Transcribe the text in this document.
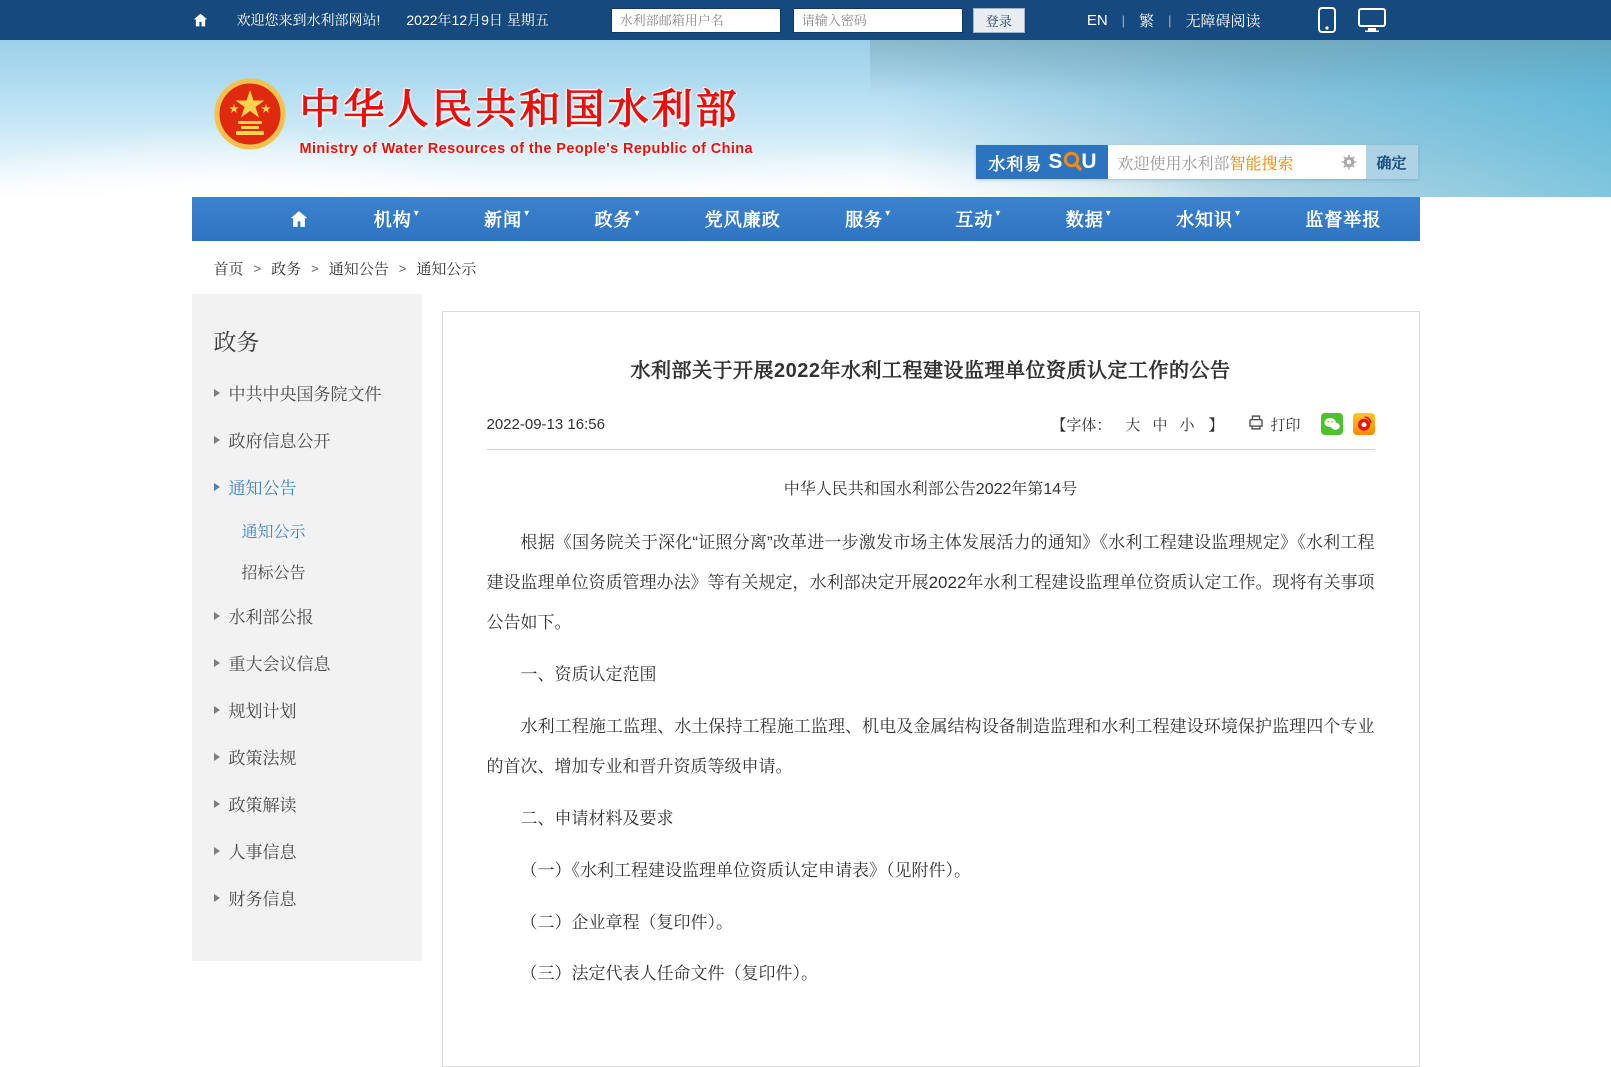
欢迎您来到水利部网站! 2022年12月9日 星期五
水利部邮箱用户名	登录	EN | 繁 | 无障碍阅读
中华人民共和国水利部
Ministry of Water Resources of the People's Republic of China
水利易 S U 欢迎使用水利部 智能搜索	确定
机构 ▾	新闻 ▾	政务 ▾	党风廉政	服务 ▾	互动 ▾	数据 ▾	水知识 ▾	监督举报
首页 > 政务 > 通知公告 > 通知公示
政务
中共中央国务院文件
政府信息公开
通知公告
通知公示
招标公告
水利部公报
重大会议信息
规划计划
政策法规
政策解读
人事信息
财务信息
水利部关于开展2022年水利工程建设监理单位资质认定工作的公告
2022-09-13 16:56	【字体： 大 中 小 】	打印

中华人民共和国水利部公告2022年第14号

根据《国务院关于深化“证照分离”改革进一步激发市场主体发展活力的通知》《水利工程建设监理规定》《水利工程建设监理单位资质管理办法》等有关规定，水利部决定开展2022年水利工程建设监理单位资质认定工作。现将有关事项公告如下。

一、资质认定范围

水利工程施工监理、水土保持工程施工监理、机电及金属结构设备制造监理和水利工程建设环境保护监理四个专业的首次、增加专业和晋升资质等级申请。

二、申请材料及要求

（一）《水利工程建设监理单位资质认定申请表》（见附件）。

（二）企业章程（复印件）。

（三）法定代表人任命文件（复印件）。
